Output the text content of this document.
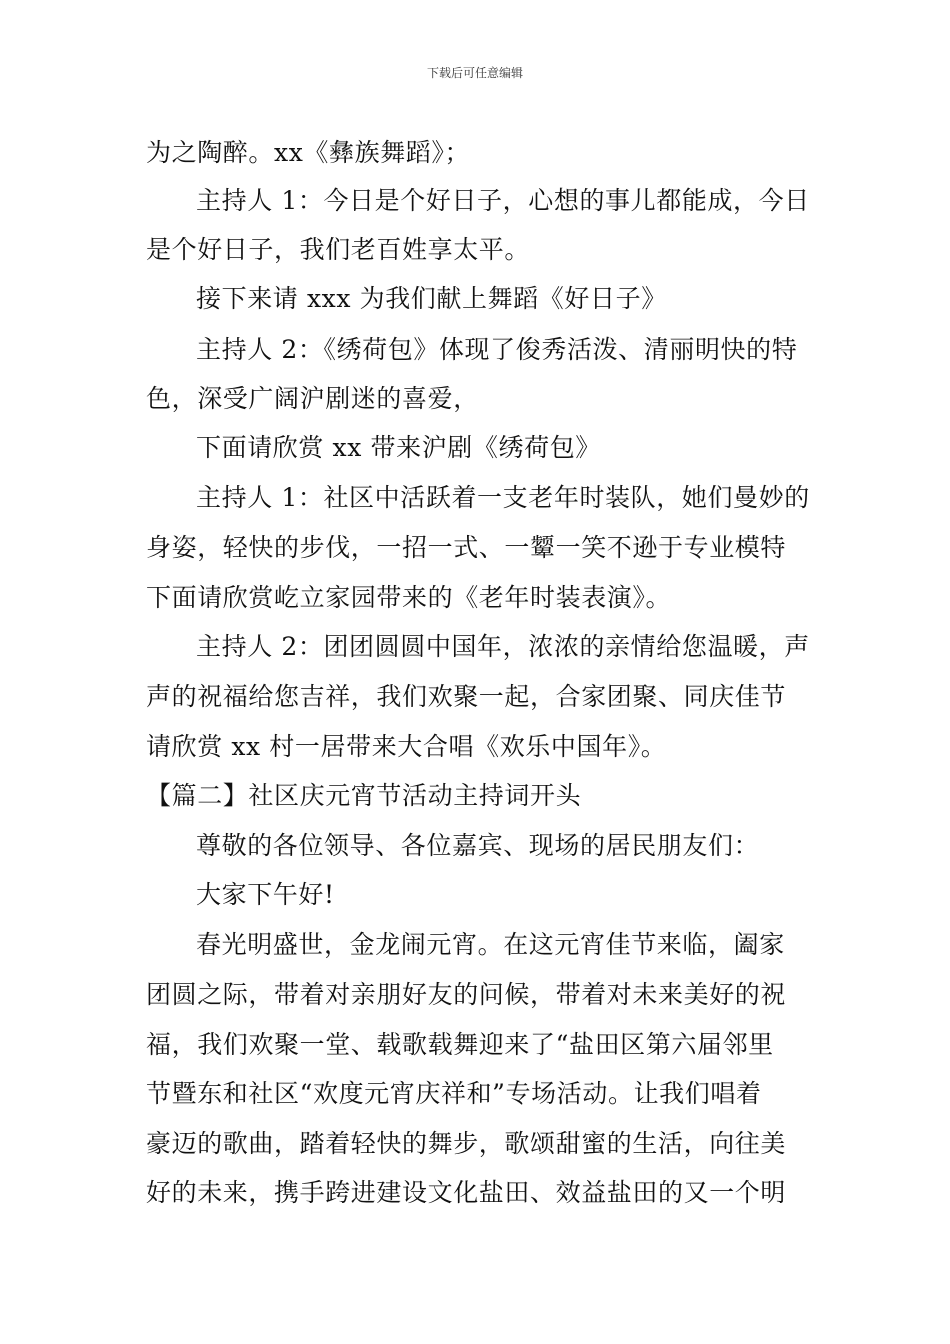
下载后可任意编辑
为之陶醉。xx《彝族舞蹈》；
主持人 1：今日是个好日子，心想的事儿都能成，今日
是个好日子，我们老百姓享太平。
接下来请 xxx 为我们献上舞蹈《好日子》
主持人 2：《绣荷包》体现了俊秀活泼、清丽明快的特
色，深受广阔沪剧迷的喜爱，
下面请欣赏 xx 带来沪剧《绣荷包》
主持人 1：社区中活跃着一支老年时装队，她们曼妙的
身姿，轻快的步伐，一招一式、一颦一笑不逊于专业模特
下面请欣赏屹立家园带来的《老年时装表演》。
主持人 2：团团圆圆中国年，浓浓的亲情给您温暖，声
声的祝福给您吉祥，我们欢聚一起，合家团聚、同庆佳节
请欣赏 xx 村一居带来大合唱《欢乐中国年》。
【篇二】社区庆元宵节活动主持词开头
尊敬的各位领导、各位嘉宾、现场的居民朋友们：
大家下午好!
春光明盛世，金龙闹元宵。在这元宵佳节来临，阖家
团圆之际，带着对亲朋好友的问候，带着对未来美好的祝
福，我们欢聚一堂、载歌载舞迎来了“盐田区第六届邻里
节暨东和社区“欢度元宵庆祥和”专场活动。让我们唱着
豪迈的歌曲，踏着轻快的舞步，歌颂甜蜜的生活，向往美
好的未来，携手跨进建设文化盐田、效益盐田的又一个明
